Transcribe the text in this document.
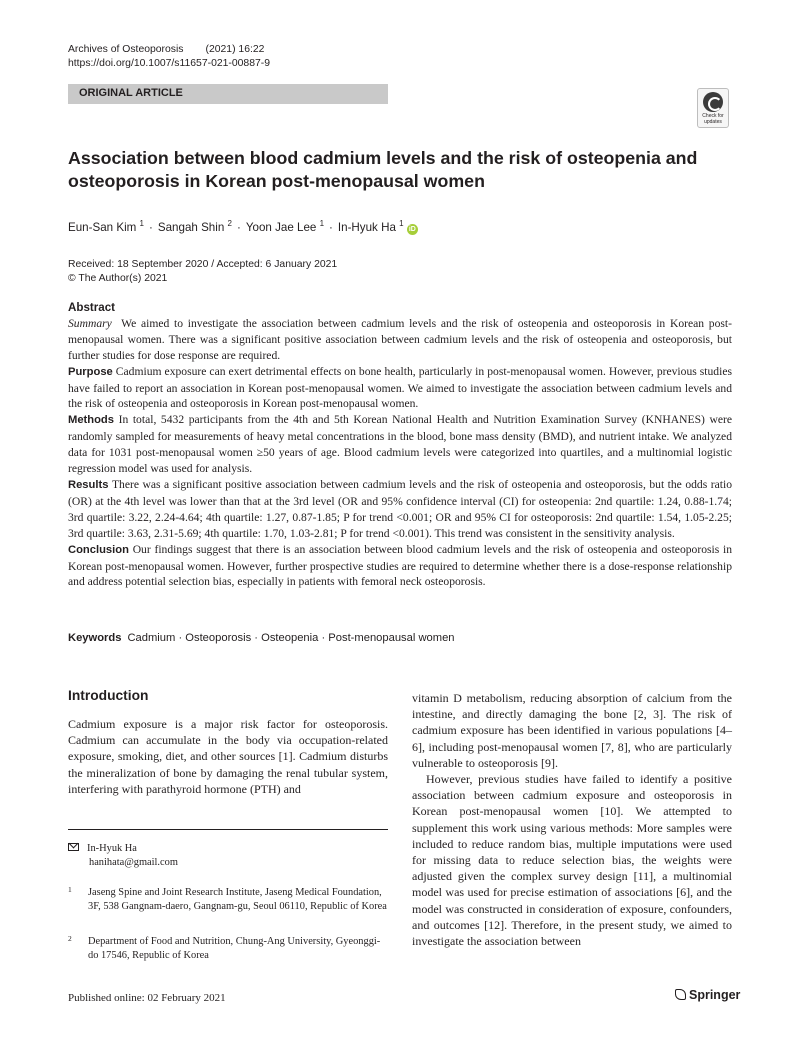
Archives of Osteoporosis (2021) 16:22
https://doi.org/10.1007/s11657-021-00887-9
ORIGINAL ARTICLE
Check for updates
Association between blood cadmium levels and the risk of osteopenia and osteoporosis in Korean post-menopausal women
Eun-San Kim $^1$ · Sangah Shin $^2$ · Yoon Jae Lee $^1$ · In-Hyuk Ha $^1$ iD
Received: 18 September 2020 / Accepted: 6 January 2021
© The Author(s) 2021
Abstract

Summary We aimed to investigate the association between cadmium levels and the risk of osteopenia and osteoporosis in Korean post-menopausal women. There was a significant positive association between cadmium levels and the risk of osteopenia and osteoporosis, but further studies for dose response are required.

Purpose Cadmium exposure can exert detrimental effects on bone health, particularly in post-menopausal women. However, previous studies have failed to report an association in Korean post-menopausal women. We aimed to investigate the association between cadmium levels and the risk of osteopenia and osteoporosis in Korean post-menopausal women.

Methods In total, 5432 participants from the 4th and 5th Korean National Health and Nutrition Examination Survey (KNHANES) were randomly sampled for measurements of heavy metal concentrations in the blood, bone mass density (BMD), and nutrient intake. We analyzed data for 1031 post-menopausal women ≥50 years of age. Blood cadmium levels were categorized into quartiles, and a multinomial logistic regression model was used for analysis.

Results There was a significant positive association between cadmium levels and the risk of osteopenia and osteoporosis, but the odds ratio (OR) at the 4th level was lower than that at the 3rd level (OR and 95% confidence interval (CI) for osteopenia: 2nd quartile: 1.24, 0.88-1.74; 3rd quartile: 3.22, 2.24-4.64; 4th quartile: 1.27, 0.87-1.85; P for trend <0.001; OR and 95% CI for osteoporosis: 2nd quartile: 1.54, 1.05-2.25; 3rd quartile: 3.63, 2.31-5.69; 4th quartile: 1.70, 1.03-2.81; P for trend <0.001). This trend was consistent in the sensitivity analysis.

Conclusion Our findings suggest that there is an association between blood cadmium levels and the risk of osteopenia and osteoporosis in Korean post-menopausal women. However, further prospective studies are required to determine whether there is a dose-response relationship and address potential selection bias, especially in patients with femoral neck osteoporosis.

Keywords Cadmium · Osteoporosis · Osteopenia · Post-menopausal women
Introduction

Cadmium exposure is a major risk factor for osteoporosis. Cadmium can accumulate in the body via occupation-related exposure, smoking, diet, and other sources [1]. Cadmium disturbs the mineralization of bone by damaging the renal tubular system, interfering with parathyroid hormone (PTH) and

vitamin D metabolism, reducing absorption of calcium from the intestine, and directly damaging the bone [2, 3]. The risk of cadmium exposure has been identified in various populations [4–6], including post-menopausal women [7, 8], who are particularly vulnerable to osteoporosis [9].

However, previous studies have failed to identify a positive association between cadmium exposure and osteoporosis in Korean post-menopausal women [10]. We attempted to supplement this work using various methods: More samples were included to reduce random bias, multiple imputations were used for missing data to reduce selection bias, the weights were adjusted given the complex survey design [11], a multinomial model was used for precise estimation of associations [6], and the model was constructed in consideration of exposure, confounders, and outcomes [12]. Therefore, in the present study, we aimed to investigate the association between

In-Hyuk Ha
hanihata@gmail.com
1 Jaseng Spine and Joint Research Institute, Jaseng Medical Foundation, 3F, 538 Gangnam-daero, Gangnam-gu, Seoul 06110, Republic of Korea
2 Department of Food and Nutrition, Chung-Ang University, Gyeonggi-do 17546, Republic of Korea
Published online: 02 February 2021	Springer
